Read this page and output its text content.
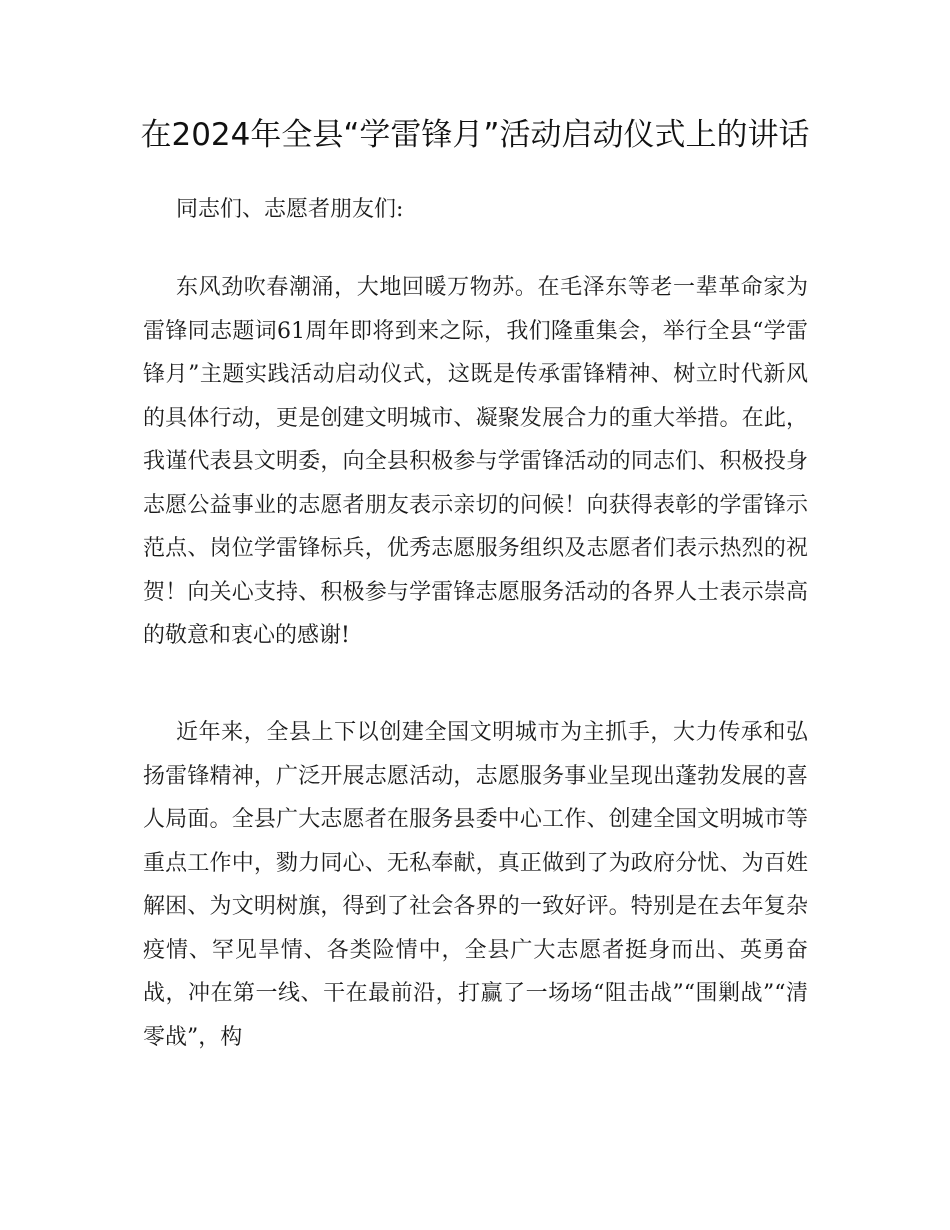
在2024年全县“学雷锋月”活动启动仪式上的讲话

同志们、志愿者朋友们:

东风劲吹春潮涌，大地回暖万物苏。在毛泽东等老一辈革命家为雷锋同志题词61周年即将到来之际，我们隆重集会，举行全县“学雷锋月”主题实践活动启动仪式，这既是传承雷锋精神、树立时代新风的具体行动，更是创建文明城市、凝聚发展合力的重大举措。在此，我谨代表县文明委，向全县积极参与学雷锋活动的同志们、积极投身志愿公益事业的志愿者朋友表示亲切的问候！向获得表彰的学雷锋示范点、岗位学雷锋标兵，优秀志愿服务组织及志愿者们表示热烈的祝贺！向关心支持、积极参与学雷锋志愿服务活动的各界人士表示崇高的敬意和衷心的感谢!

近年来，全县上下以创建全国文明城市为主抓手，大力传承和弘扬雷锋精神，广泛开展志愿活动，志愿服务事业呈现出蓬勃发展的喜人局面。全县广大志愿者在服务县委中心工作、创建全国文明城市等重点工作中，勠力同心、无私奉献，真正做到了为政府分忧、为百姓解困、为文明树旗，得到了社会各界的一致好评。特别是在去年复杂疫情、罕见旱情、各类险情中，全县广大志愿者挺身而出、英勇奋战，冲在第一线、干在最前沿，打赢了一场场“阻击战”“围剿战”“清零战”，构
